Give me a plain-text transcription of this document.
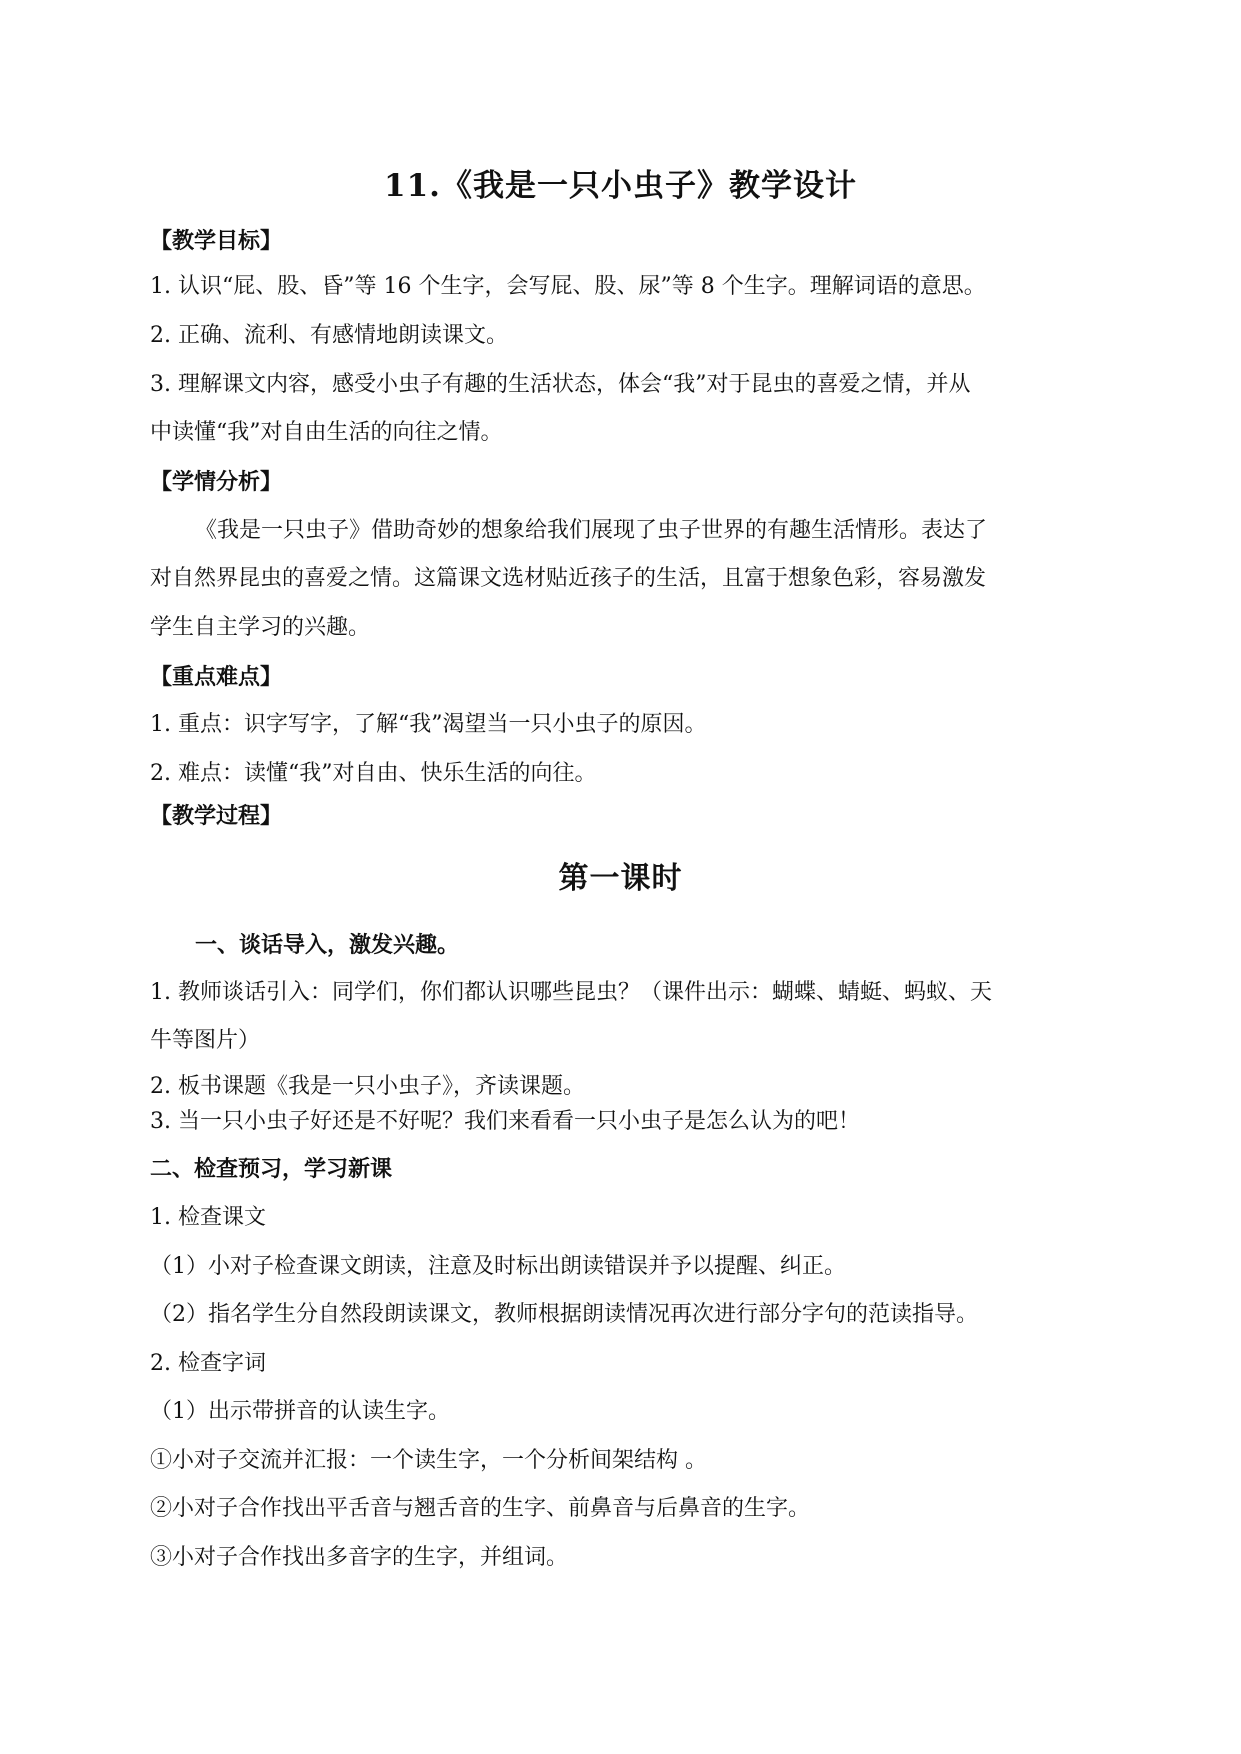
11.《我是一只小虫子》教学设计
【教学目标】
1. 认识“屁、股、昏”等 16 个生字，会写屁、股、尿”等 8 个生字。理解词语的意思。
2. 正确、流利、有感情地朗读课文。
3. 理解课文内容，感受小虫子有趣的生活状态，体会“我”对于昆虫的喜爱之情，并从
中读懂“我”对自由生活的向往之情。
【学情分析】
《我是一只虫子》借助奇妙的想象给我们展现了虫子世界的有趣生活情形。表达了
对自然界昆虫的喜爱之情。这篇课文选材贴近孩子的生活，且富于想象色彩，容易激发
学生自主学习的兴趣。
【重点难点】
1. 重点：识字写字，了解“我”渴望当一只小虫子的原因。
2. 难点：读懂“我”对自由、快乐生活的向往。
【教学过程】
第一课时
一、谈话导入，激发兴趣。
1. 教师谈话引入：同学们，你们都认识哪些昆虫？（课件出示：蝴蝶、蜻蜓、蚂蚁、天
牛等图片）
2. 板书课题《我是一只小虫子》，齐读课题。
3. 当一只小虫子好还是不好呢？我们来看看一只小虫子是怎么认为的吧！
二、检查预习，学习新课
1. 检查课文
（1）小对子检查课文朗读，注意及时标出朗读错误并予以提醒、纠正。
（2）指名学生分自然段朗读课文，教师根据朗读情况再次进行部分字句的范读指导。
2. 检查字词
（1）出示带拼音的认读生字。
①小对子交流并汇报：一个读生字，一个分析间架结构 。
②小对子合作找出平舌音与翘舌音的生字、前鼻音与后鼻音的生字。
③小对子合作找出多音字的生字，并组词。
